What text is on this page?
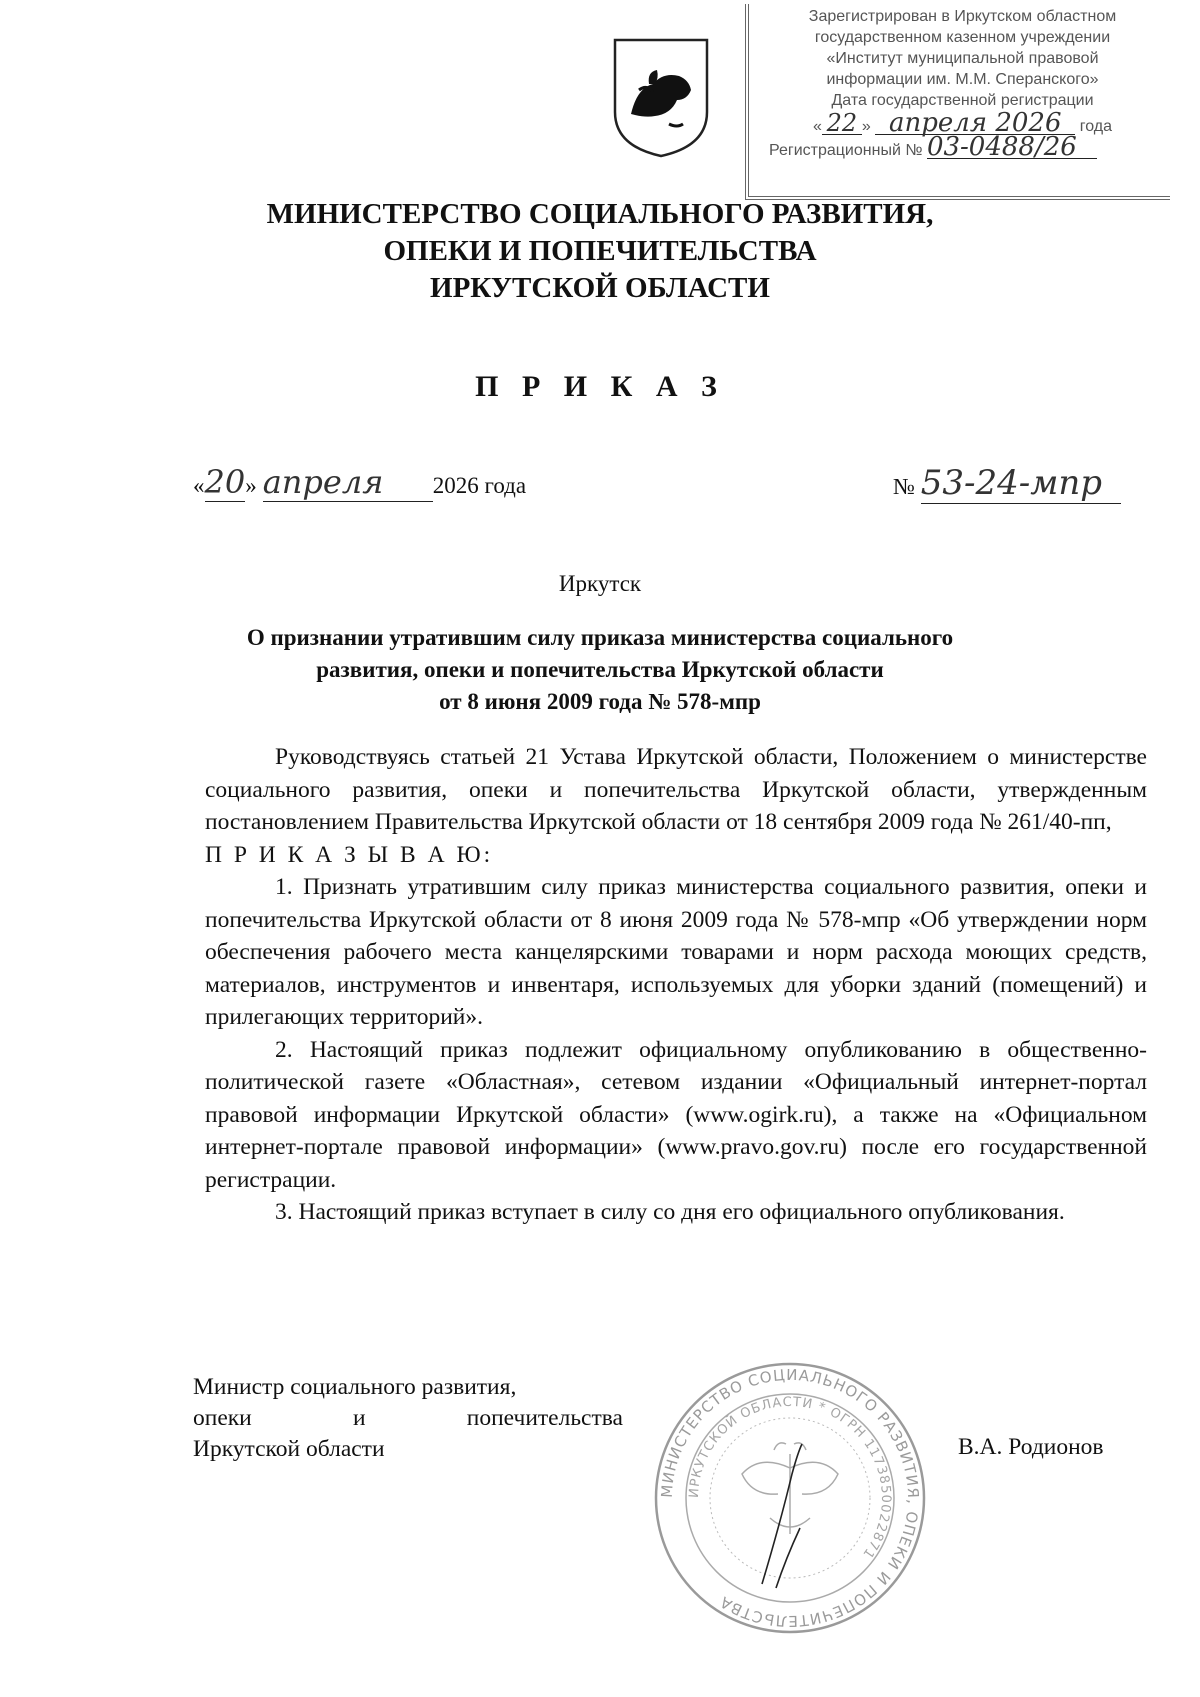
Зарегистрирован в Иркутском областном
государственном казенном учреждении
«Институт муниципальной правовой
информации им. М.М. Сперанского»
Дата государственной регистрации
« 22 » апреля 2026 года
Регистрационный № 03-0488/26
МИНИСТЕРСТВО СОЦИАЛЬНОГО РАЗВИТИЯ,
ОПЕКИ И ПОПЕЧИТЕЛЬСТВА
ИРКУТСКОЙ ОБЛАСТИ
П Р И К А З
«20» апреля 2026 года	№ 53-24-мпр
Иркутск
О признании утратившим силу приказа министерства социального
развития, опеки и попечительства Иркутской области
от 8 июня 2009 года № 578-мпр

Руководствуясь статьей 21 Устава Иркутской области, Положением о министерстве социального развития, опеки и попечительства Иркутской области, утвержденным постановлением Правительства Иркутской области от 18 сентября 2009 года № 261/40-пп,

П Р И К А З Ы В А Ю:

1. Признать утратившим силу приказ министерства социального развития, опеки и попечительства Иркутской области от 8 июня 2009 года № 578-мпр «Об утверждении норм обеспечения рабочего места канцелярскими товарами и норм расхода моющих средств, материалов, инструментов и инвентаря, используемых для уборки зданий (помещений) и прилегающих территорий».

2. Настоящий приказ подлежит официальному опубликованию в общественно-политической газете «Областная», сетевом издании «Официальный интернет-портал правовой информации Иркутской области» (www.ogirk.ru), а также на «Официальном интернет-портале правовой информации» (www.pravo.gov.ru) после его государственной регистрации.

3. Настоящий приказ вступает в силу со дня его официального опубликования.

Министр социального развития,
опеки	и	попечительства
Иркутской области	В.А. Родионов
МИНИСТЕРСТВО СОЦИАЛЬНОГО РАЗВИТИЯ, ОПЕКИ И ПОПЕЧИТЕЛЬСТВА
ИРКУТСКОЙ ОБЛАСТИ * ОГРН 1173850022871
